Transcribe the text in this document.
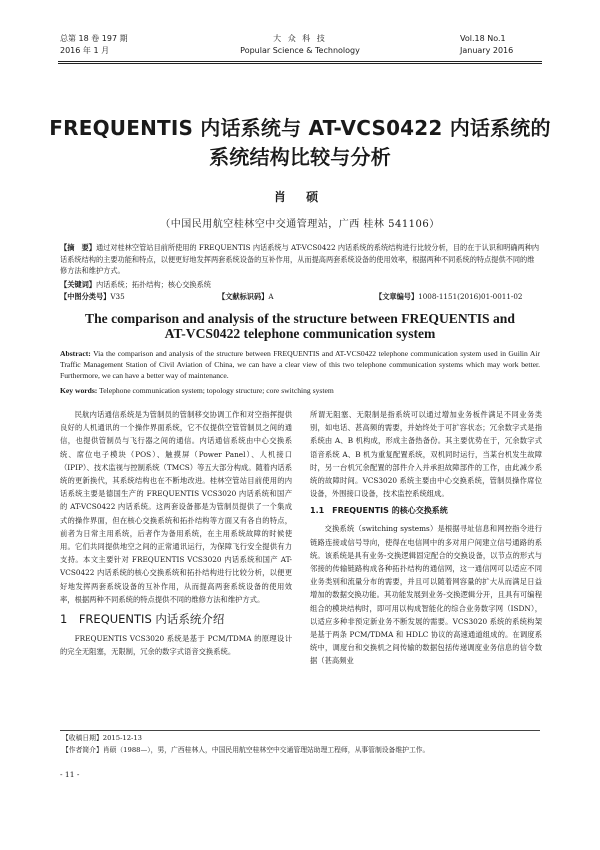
总第 18 卷 197 期
2016 年 1 月
大 众 科 技
Popular Science & Technology
Vol.18 No.1
January 2016
FREQUENTIS 内话系统与 AT-VCS0422 内话系统的
系统结构比较与分析
肖 硕
（中国民用航空桂林空中交通管理站，广西 桂林 541106）
【摘　要】通过对桂林空管站目前所使用的 FREQUENTIS 内话系统与 AT-VCS0422 内话系统的系统结构进行比较分析，目的在于认识和明确两种内话系统结构的主要功能和特点，以便更好地发挥两套系统设备的互补作用，从而提高两套系统设备的使用效率，根据两种不同系统的特点提供不同的维修方法和维护方式。
【关键词】内话系统；拓扑结构；核心交换系统
【中图分类号】V35	【文献标识码】A	【文章编号】1008-1151(2016)01-0011-02
The comparison and analysis of the structure between FREQUENTIS and
AT-VCS0422 telephone communication system
Abstract: Via the comparison and analysis of the structure between FREQUENTIS and AT-VCS0422 telephone communication system used in Guilin Air Traffic Management Station of Civil Aviation of China, we can have a clear view of this two telephone communication systems which may work better. Furthermore, we can have a better way of maintenance.
Key words: Telephone communication system; topology structure; core switching system

民航内话通信系统是为管制员的管制移交协调工作和对空指挥提供良好的人机通讯的一个操作界面系统，它不仅提供空管管制员之间的通信，也提供管制员与飞行器之间的通信。内话通信系统由中心交换系统、席位电子模块（POS）、触摸屏（Power Panel）、人机接口（IPIP）、技术监视与控制系统（TMCS）等五大部分构成。随着内话系统的更新换代，其系统结构也在不断地改进。桂林空管站目前使用的内话系统主要是德国生产的 FREQUENTIS VCS3020 内话系统和国产的 AT-VCS0422 内话系统。这两套设备都是为管制员提供了一个集成式的操作界面，但在核心交换系统和拓扑结构等方面又有各自的特点，前者为日常主用系统，后者作为备用系统，在主用系统故障的时候使用。它们共同提供地空之间的正常通讯运行，为保障飞行安全提供有力支持。本文主要针对 FREQUENTIS VCS3020 内话系统和国产 AT-VCS0422 内话系统的核心交换系统和拓扑结构进行比较分析，以便更好地发挥两套系统设备的互补作用，从而提高两套系统设备的使用效率，根据两种不同系统的特点提供不同的维修方法和维护方式。

1　FREQUENTIS 内话系统介绍

FREQUENTIS VCS3020 系统是基于 PCM/TDMA 的原理设计的完全无阻塞，无限制，冗余的数字式语音交换系统。

所谓无阻塞、无限制是指系统可以通过增加业务板件满足不同业务类别，如电话、甚高频的需要，并始终处于可扩容状态；冗余数字式是指系统由 A、B 机构成，形成主备热备份。其主要优势在于，冗余数字式语音系统 A、B 机为重复配置系统，双机同时运行，当某台机发生故障时，另一台机冗余配置的部件介入并承担故障部件的工作，由此减少系统的故障时间。VCS3020 系统主要由中心交换系统，管制员操作席位设备，外围接口设备，技术监控系统组成。

1.1　FREQUENTIS 的核心交换系统

交换系统（switching systems）是根据寻址信息和网控指令进行链路连接或信号导向，使得在电信网中的多对用户间建立信号通路的系统。该系统是具有业务-交换逻辑固定配合的交换设备，以节点的形式与邻接的传输链路构成各种拓扑结构的通信网，这一通信网可以适应不同业务类别和流量分布的需要，并且可以随着网容量的扩大从而满足日益增加的数据交换功能。其功能发展到业务-交换逻辑分开，且具有可编程组合的模块结构时，即可用以构成智能化的综合业务数字网（ISDN），以适应多种非预定新业务不断发展的需要。VCS3020 系统的系统构架是基于两条 PCM/TDMA 和 HDLC 协议的高速通道组成的。在调度系统中，调度台和交换机之间传输的数据包括传递调度业务信息的信令数据（甚高频业

【收稿日期】2015-12-13
【作者简介】肖硕（1988—），男，广西桂林人，中国民用航空桂林空中交通管理站助理工程师，从事管制设备维护工作。
- 11 -
